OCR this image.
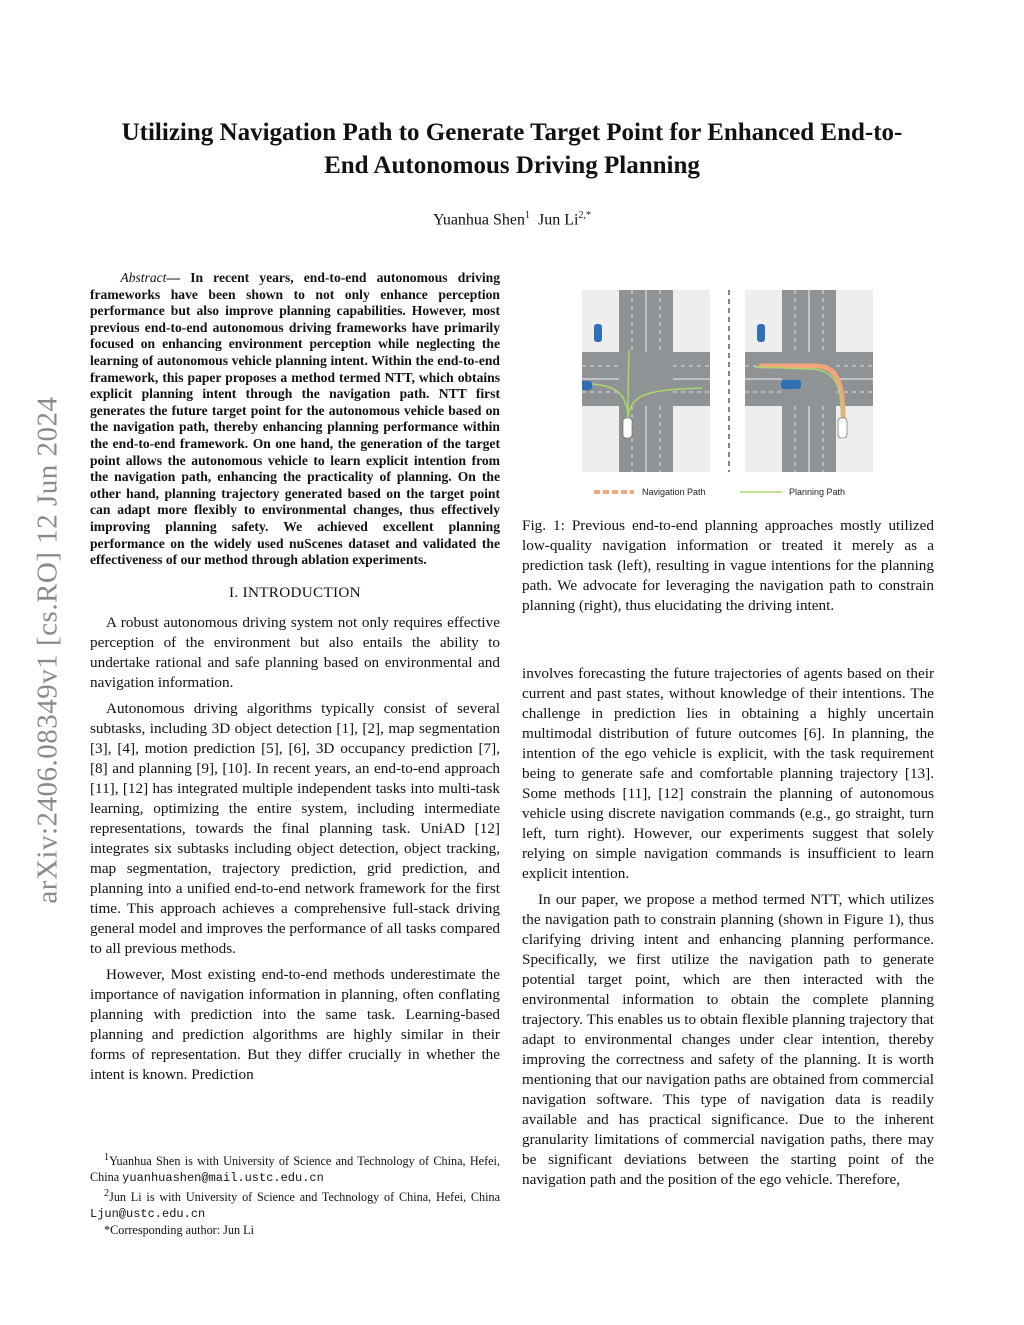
arXiv:2406.08349v1 [cs.RO] 12 Jun 2024
Utilizing Navigation Path to Generate Target Point for Enhanced End-to-End Autonomous Driving Planning
Yuanhua Shen$^1$ Jun $Li^{2,*}$

Abstract— In recent years, end-to-end autonomous driving frameworks have been shown to not only enhance perception performance but also improve planning capabilities. However, most previous end-to-end autonomous driving frameworks have primarily focused on enhancing environment perception while neglecting the learning of autonomous vehicle planning intent. Within the end-to-end framework, this paper proposes a method termed NTT, which obtains explicit planning intent through the navigation path. NTT first generates the future target point for the autonomous vehicle based on the navigation path, thereby enhancing planning performance within the end-to-end framework. On one hand, the generation of the target point allows the autonomous vehicle to learn explicit intention from the navigation path, enhancing the practicality of planning. On the other hand, planning trajectory generated based on the target point can adapt more flexibly to environmental changes, thus effectively improving planning safety. We achieved excellent planning performance on the widely used nuScenes dataset and validated the effectiveness of our method through ablation experiments.

I. INTRODUCTION

A robust autonomous driving system not only requires effective perception of the environment but also entails the ability to undertake rational and safe planning based on environmental and navigation information.

Autonomous driving algorithms typically consist of several subtasks, including 3D object detection [1], [2], map segmentation [3], [4], motion prediction [5], [6], 3D occupancy prediction [7], [8] and planning [9], [10]. In recent years, an end-to-end approach [11], [12] has integrated multiple independent tasks into multi-task learning, optimizing the entire system, including intermediate representations, towards the final planning task. UniAD [12] integrates six subtasks including object detection, object tracking, map segmentation, trajectory prediction, grid prediction, and planning into a unified end-to-end network framework for the first time. This approach achieves a comprehensive full-stack driving general model and improves the performance of all tasks compared to all previous methods.

However, Most existing end-to-end methods underestimate the importance of navigation information in planning, often conflating planning with prediction into the same task. Learning-based planning and prediction algorithms are highly similar in their forms of representation. But they differ crucially in whether the intent is known. Prediction

$^1$Yuanhua Shen is with University of Science and Technology of China, Hefei, China yuanhuashen@mail.ustc.edu.cn

$^2$Jun Li is with University of Science and Technology of China, Hefei, China Ljun@ustc.edu.cn

*Corresponding author: Jun Li

Navigation Path	Planning Path

Fig. 1: Previous end-to-end planning approaches mostly utilized low-quality navigation information or treated it merely as a prediction task (left), resulting in vague intentions for the planning path. We advocate for leveraging the navigation path to constrain planning (right), thus elucidating the driving intent.

involves forecasting the future trajectories of agents based on their current and past states, without knowledge of their intentions. The challenge in prediction lies in obtaining a highly uncertain multimodal distribution of future outcomes [6]. In planning, the intention of the ego vehicle is explicit, with the task requirement being to generate safe and comfortable planning trajectory [13]. Some methods [11], [12] constrain the planning of autonomous vehicle using discrete navigation commands (e.g., go straight, turn left, turn right). However, our experiments suggest that solely relying on simple navigation commands is insufficient to learn explicit intention.

In our paper, we propose a method termed NTT, which utilizes the navigation path to constrain planning (shown in Figure 1), thus clarifying driving intent and enhancing planning performance. Specifically, we first utilize the navigation path to generate potential target point, which are then interacted with the environmental information to obtain the complete planning trajectory. This enables us to obtain flexible planning trajectory that adapt to environmental changes under clear intention, thereby improving the correctness and safety of the planning. It is worth mentioning that our navigation paths are obtained from commercial navigation software. This type of navigation data is readily available and has practical significance. Due to the inherent granularity limitations of commercial navigation paths, there may be significant deviations between the starting point of the navigation path and the position of the ego vehicle. Therefore,
